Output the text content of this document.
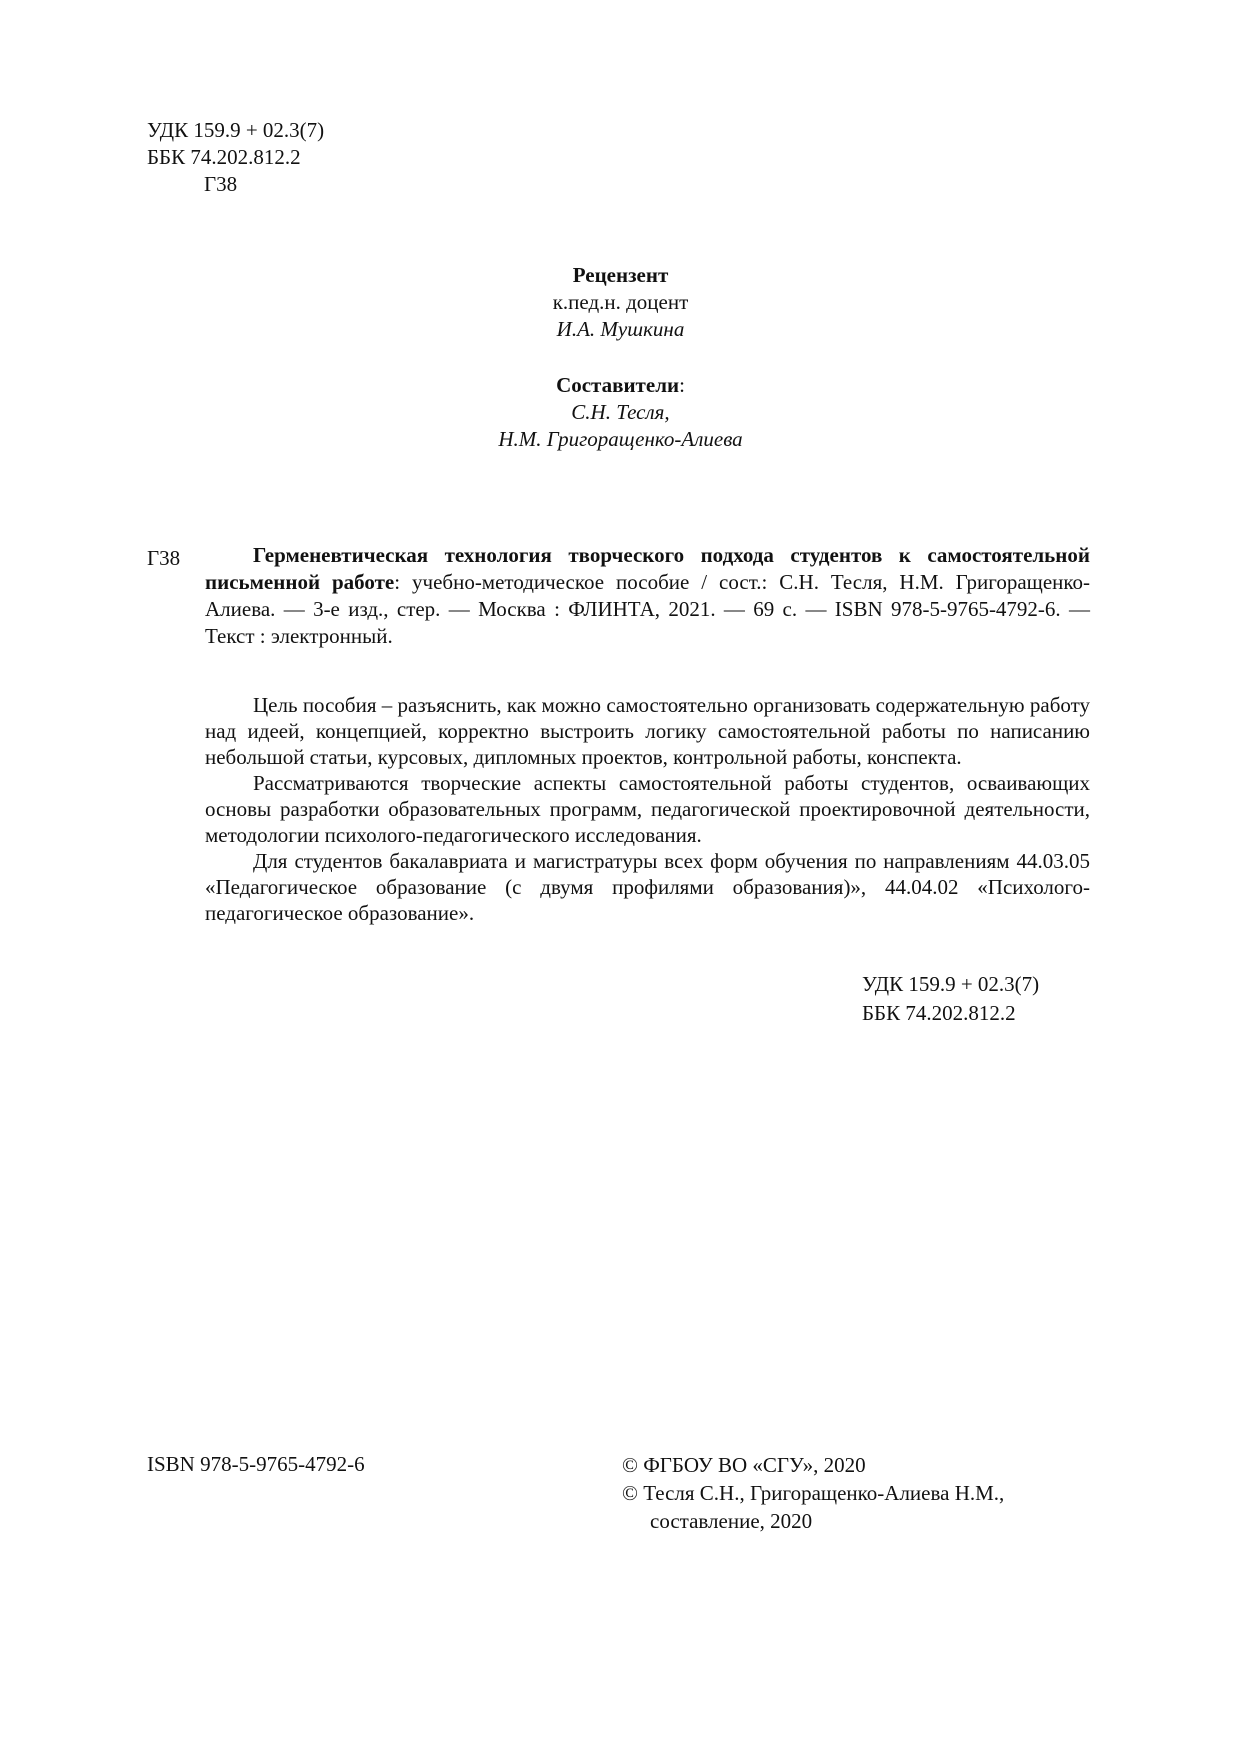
УДК 159.9 + 02.3(7)
ББК 74.202.812.2
Г38
Рецензент
к.пед.н. доцент
И.А. Мушкина
Составители:
С.Н. Тесля,
Н.М. Григоращенко-Алиева
Г38	Герменевтическая технология творческого подхода студентов к самостоятельной письменной работе: учебно-методическое пособие / сост.: С.Н. Тесля, Н.М. Григоращенко-Алиева. — 3-е изд., стер. — Москва : ФЛИНТА, 2021. — 69 с. — ISBN 978-5-9765-4792-6. — Текст : электронный.

Цель пособия – разъяснить, как можно самостоятельно организовать содержательную работу над идеей, концепцией, корректно выстроить логику самостоятельной работы по написанию небольшой статьи, курсовых, дипломных проектов, контрольной работы, конспекта.

Рассматриваются творческие аспекты самостоятельной работы студентов, осваивающих основы разработки образовательных программ, педагогической проектировочной деятельности, методологии психолого-педагогического исследования.

Для студентов бакалавриата и магистратуры всех форм обучения по направлениям 44.03.05 «Педагогическое образование (с двумя профилями образования)», 44.04.02 «Психолого-педагогическое образование».

УДК 159.9 + 02.3(7)
ББК 74.202.812.2
ISBN 978-5-9765-4792-6	© ФГБОУ ВО «СГУ», 2020
© Тесля С.Н., Григоращенко-Алиева Н.М.,
составление, 2020
